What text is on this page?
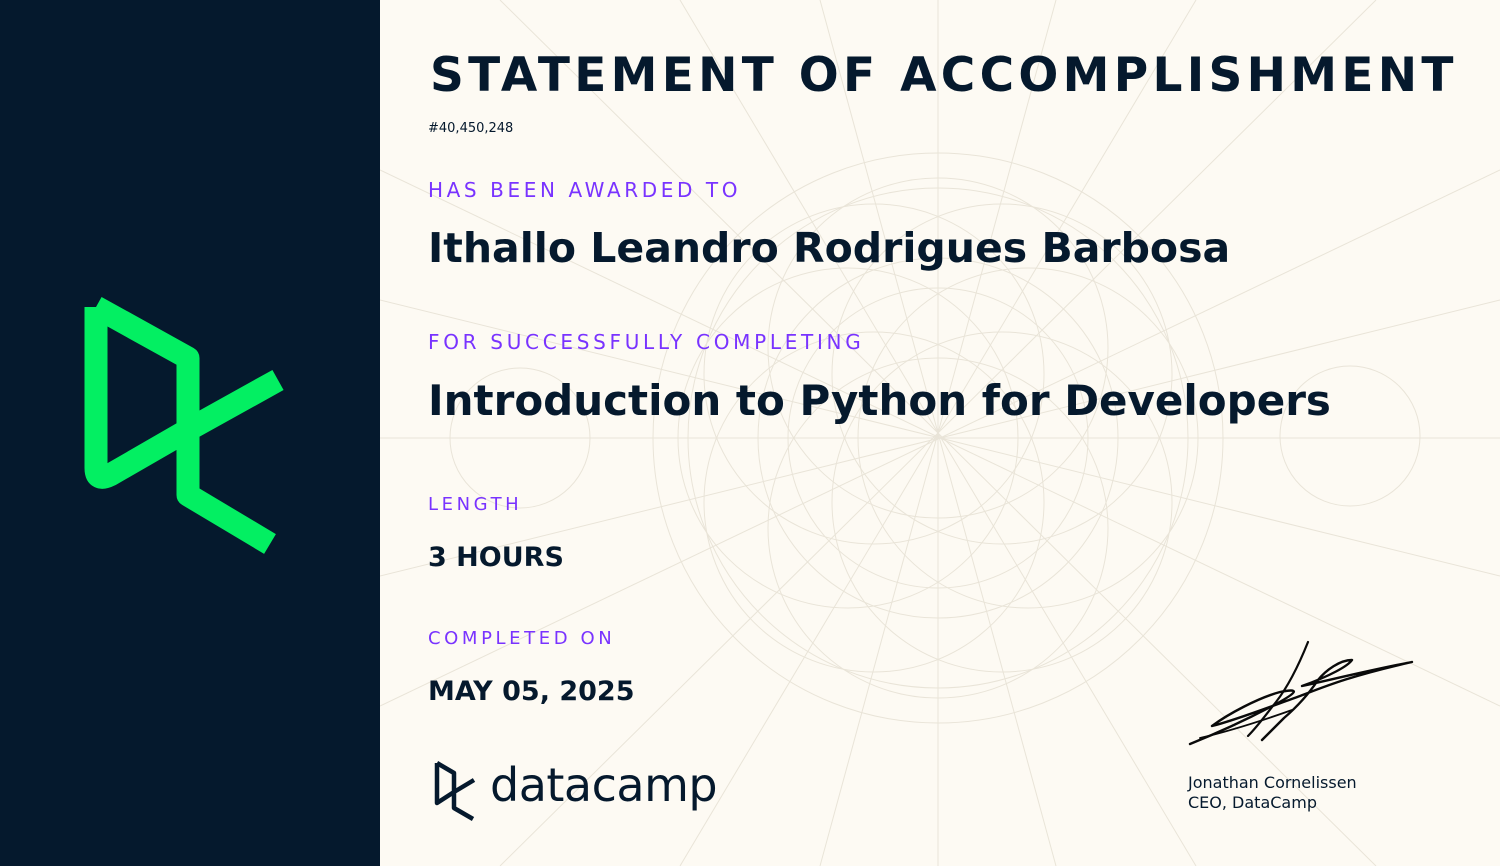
STATEMENT OF ACCOMPLISHMENT
#40,450,248
HAS BEEN AWARDED TO
Ithallo Leandro Rodrigues Barbosa
FOR SUCCESSFULLY COMPLETING
Introduction to Python for Developers
LENGTH
3 HOURS
COMPLETED ON
MAY 05, 2025
datacamp	Jonathan Cornelissen
CEO, DataCamp
